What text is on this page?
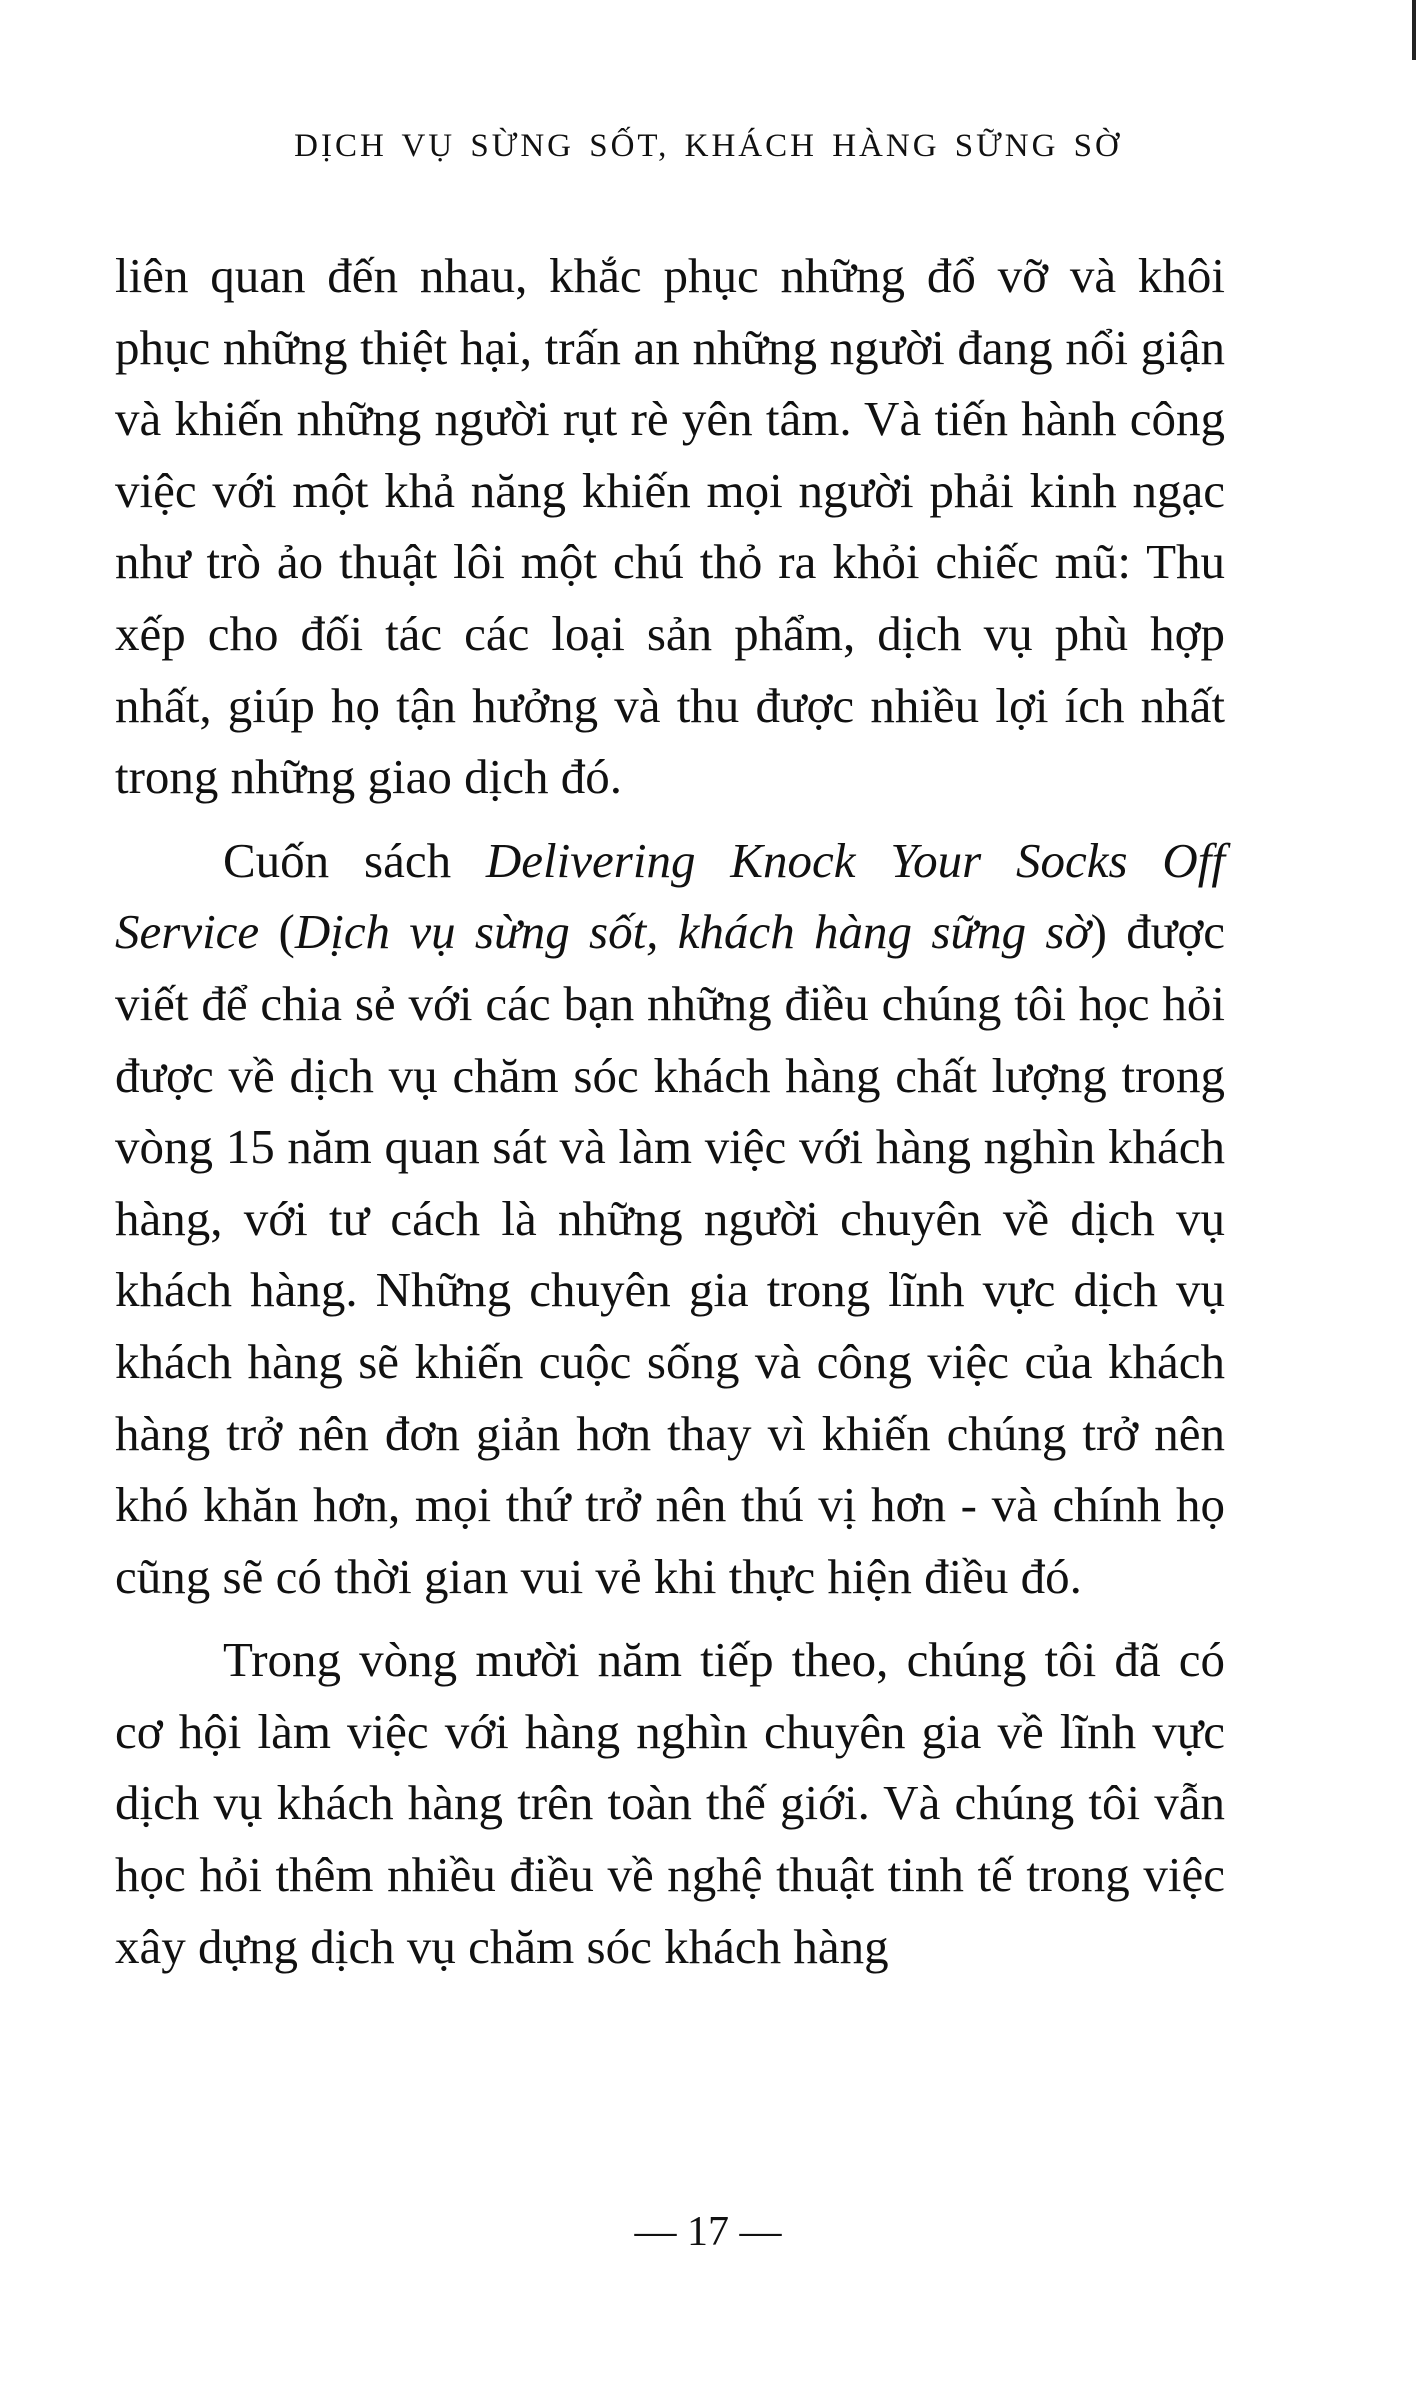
DỊCH VỤ SỪNG SỐT, KHÁCH HÀNG SỮNG SỜ

liên quan đến nhau, khắc phục những đổ vỡ và khôi phục những thiệt hại, trấn an những người đang nổi giận và khiến những người rụt rè yên tâm. Và tiến hành công việc với một khả năng khiến mọi người phải kinh ngạc như trò ảo thuật lôi một chú thỏ ra khỏi chiếc mũ: Thu xếp cho đối tác các loại sản phẩm, dịch vụ phù hợp nhất, giúp họ tận hưởng và thu được nhiều lợi ích nhất trong những giao dịch đó.

Cuốn sách Delivering Knock Your Socks Off Service (Dịch vụ sừng sốt, khách hàng sững sờ) được viết để chia sẻ với các bạn những điều chúng tôi học hỏi được về dịch vụ chăm sóc khách hàng chất lượng trong vòng 15 năm quan sát và làm việc với hàng nghìn khách hàng, với tư cách là những người chuyên về dịch vụ khách hàng. Những chuyên gia trong lĩnh vực dịch vụ khách hàng sẽ khiến cuộc sống và công việc của khách hàng trở nên đơn giản hơn thay vì khiến chúng trở nên khó khăn hơn, mọi thứ trở nên thú vị hơn - và chính họ cũng sẽ có thời gian vui vẻ khi thực hiện điều đó.

Trong vòng mười năm tiếp theo, chúng tôi đã có cơ hội làm việc với hàng nghìn chuyên gia về lĩnh vực dịch vụ khách hàng trên toàn thế giới. Và chúng tôi vẫn học hỏi thêm nhiều điều về nghệ thuật tinh tế trong việc xây dựng dịch vụ chăm sóc khách hàng

— 17 —
